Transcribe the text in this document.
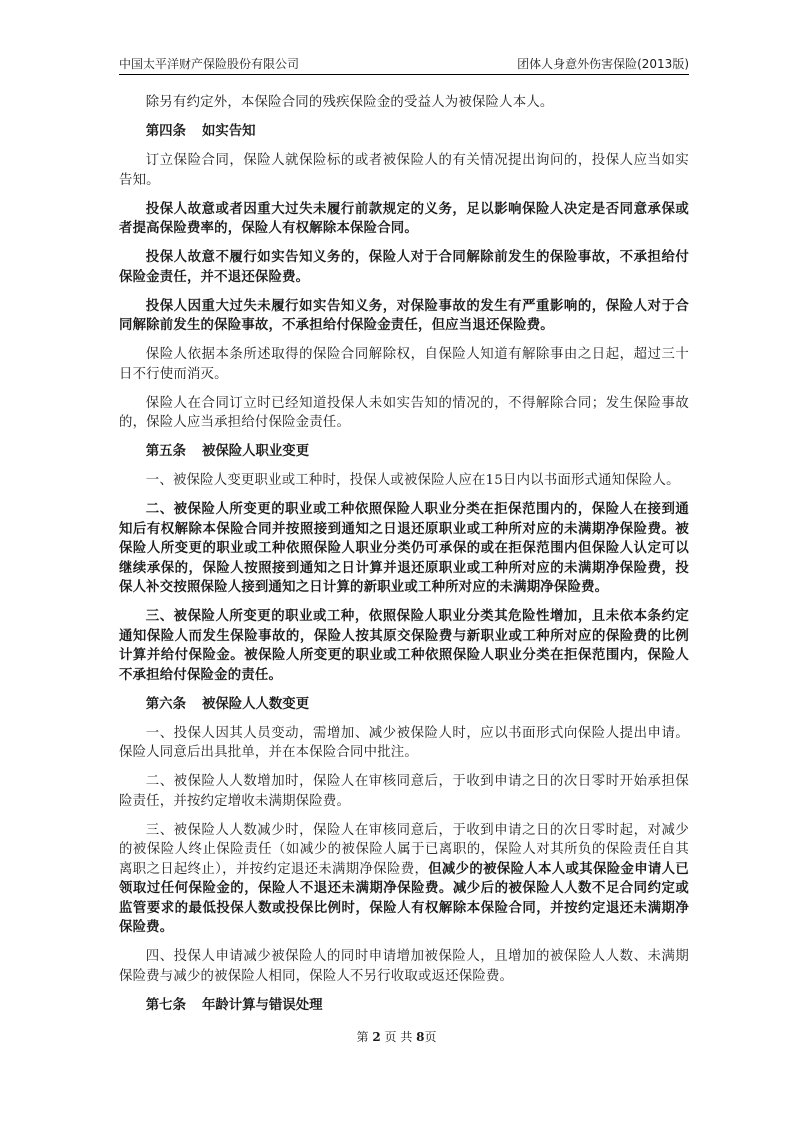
中国太平洋财产保险股份有限公司	团体人身意外伤害保险(2013版)
除另有约定外，本保险合同的残疾保险金的受益人为被保险人本人。
第四条 如实告知
订立保险合同，保险人就保险标的或者被保险人的有关情况提出询问的，投保人应当如实告知。
投保人故意或者因重大过失未履行前款规定的义务，足以影响保险人决定是否同意承保或者提高保险费率的，保险人有权解除本保险合同。
投保人故意不履行如实告知义务的，保险人对于合同解除前发生的保险事故，不承担给付保险金责任，并不退还保险费。
投保人因重大过失未履行如实告知义务，对保险事故的发生有严重影响的，保险人对于合同解除前发生的保险事故，不承担给付保险金责任，但应当退还保险费。
保险人依据本条所述取得的保险合同解除权，自保险人知道有解除事由之日起，超过三十日不行使而消灭。
保险人在合同订立时已经知道投保人未如实告知的情况的，不得解除合同；发生保险事故的，保险人应当承担给付保险金责任。
第五条 被保险人职业变更
一、被保险人变更职业或工种时，投保人或被保险人应在15日内以书面形式通知保险人。
二、被保险人所变更的职业或工种依照保险人职业分类在拒保范围内的，保险人在接到通知后有权解除本保险合同并按照接到通知之日退还原职业或工种所对应的未满期净保险费。被保险人所变更的职业或工种依照保险人职业分类仍可承保的或在拒保范围内但保险人认定可以继续承保的，保险人按照接到通知之日计算并退还原职业或工种所对应的未满期净保险费，投保人补交按照保险人接到通知之日计算的新职业或工种所对应的未满期净保险费。
三、被保险人所变更的职业或工种，依照保险人职业分类其危险性增加，且未依本条约定通知保险人而发生保险事故的，保险人按其原交保险费与新职业或工种所对应的保险费的比例计算并给付保险金。被保险人所变更的职业或工种依照保险人职业分类在拒保范围内，保险人不承担给付保险金的责任。
第六条 被保险人人数变更
一、投保人因其人员变动，需增加、减少被保险人时，应以书面形式向保险人提出申请。保险人同意后出具批单，并在本保险合同中批注。
二、被保险人人数增加时，保险人在审核同意后，于收到申请之日的次日零时开始承担保险责任，并按约定增收未满期保险费。
三、被保险人人数减少时，保险人在审核同意后，于收到申请之日的次日零时起，对减少的被保险人终止保险责任（如减少的被保险人属于已离职的，保险人对其所负的保险责任自其离职之日起终止），并按约定退还未满期净保险费，但减少的被保险人本人或其保险金申请人已领取过任何保险金的，保险人不退还未满期净保险费。减少后的被保险人人数不足合同约定或监管要求的最低投保人数或投保比例时，保险人有权解除本保险合同，并按约定退还未满期净保险费。
四、投保人申请减少被保险人的同时申请增加被保险人，且增加的被保险人人数、未满期保险费与减少的被保险人相同，保险人不另行收取或返还保险费。
第七条 年龄计算与错误处理
第 2 页 共 8页
